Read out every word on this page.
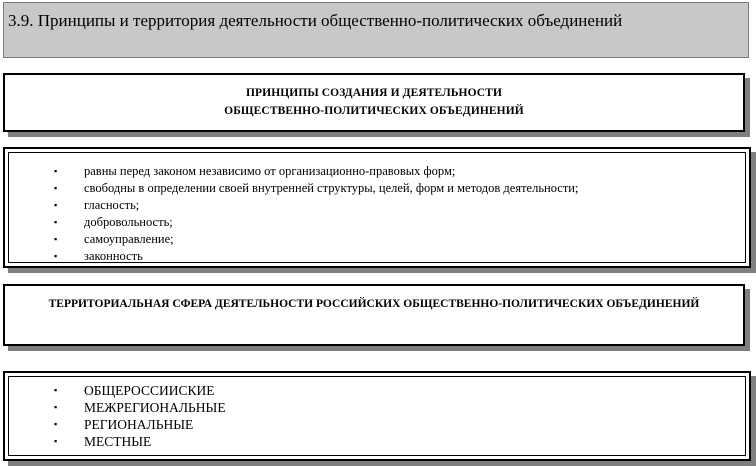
3.9. Принципы и территория деятельности общественно-политических объединений
ПРИНЦИПЫ СОЗДАНИЯ И ДЕЯТЕЛЬНОСТИ
ОБЩЕСТВЕННО-ПОЛИТИЧЕСКИХ ОБЪЕДИНЕНИЙ
▪ равны перед законом независимо от организационно-правовых форм;
▪ свободны в определении своей внутренней структуры, целей, форм и методов деятельности;
▪ гласность;
▪ добровольность;
▪ самоуправление;
▪ законность
ТЕРРИТОРИАЛЬНАЯ СФЕРА ДЕЯТЕЛЬНОСТИ РОССИЙСКИХ ОБЩЕСТВЕННО-ПОЛИТИЧЕСКИХ ОБЪЕДИНЕНИЙ
▪ ОБЩЕРОССИИСКИЕ
▪ МЕЖРЕГИОНАЛЬНЫЕ
▪ РЕГИОНАЛЬНЫЕ
▪ МЕСТНЫЕ
